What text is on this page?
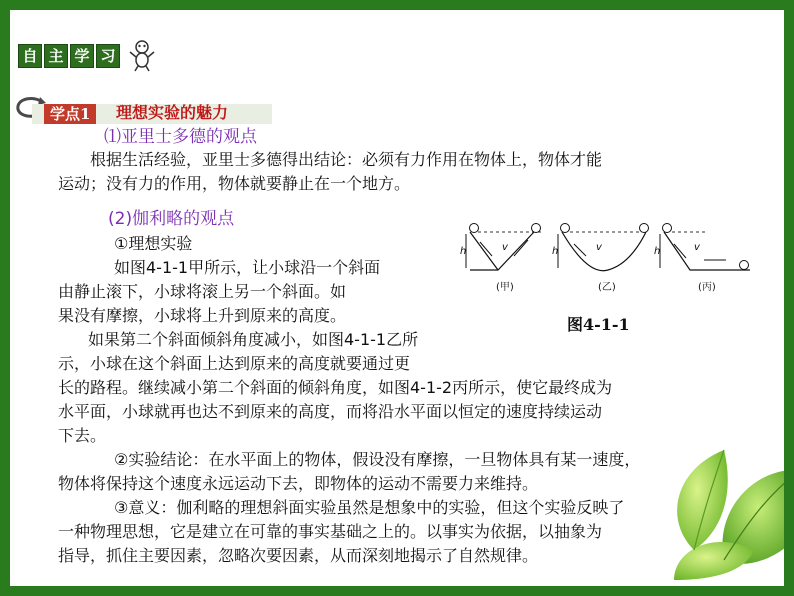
自 主 学 习
学点1	理想实验的魅力
⑴亚里士多德的观点
根据生活经验，亚里士多德得出结论：必须有力作用在物体上，物体才能
运动；没有力的作用，物体就要静止在一个地方。
(2)伽利略的观点
①理想实验
如图4-1-1甲所示，让小球沿一个斜面
由静止滚下，小球将滚上另一个斜面。如
果没有摩擦，小球将上升到原来的高度。
如果第二个斜面倾斜角度减小，如图4-1-1乙所
示，小球在这个斜面上达到原来的高度就要通过更
长的路程。继续减小第二个斜面的倾斜角度，如图4-1-2丙所示，使它最终成为
水平面，小球就再也达不到原来的高度，而将沿水平面以恒定的速度持续运动
下去。
②实验结论：在水平面上的物体，假设没有摩擦，一旦物体具有某一速度，
物体将保持这个速度永远运动下去，即物体的运动不需要力来维持。
③意义：伽利略的理想斜面实验虽然是想象中的实验，但这个实验反映了
一种物理思想，它是建立在可靠的事实基础之上的。以事实为依据，以抽象为
指导，抓住主要因素，忽略次要因素，从而深刻地揭示了自然规律。
h	v
(甲)
h	v
(乙)
h	v
(丙)
图4-1-1
